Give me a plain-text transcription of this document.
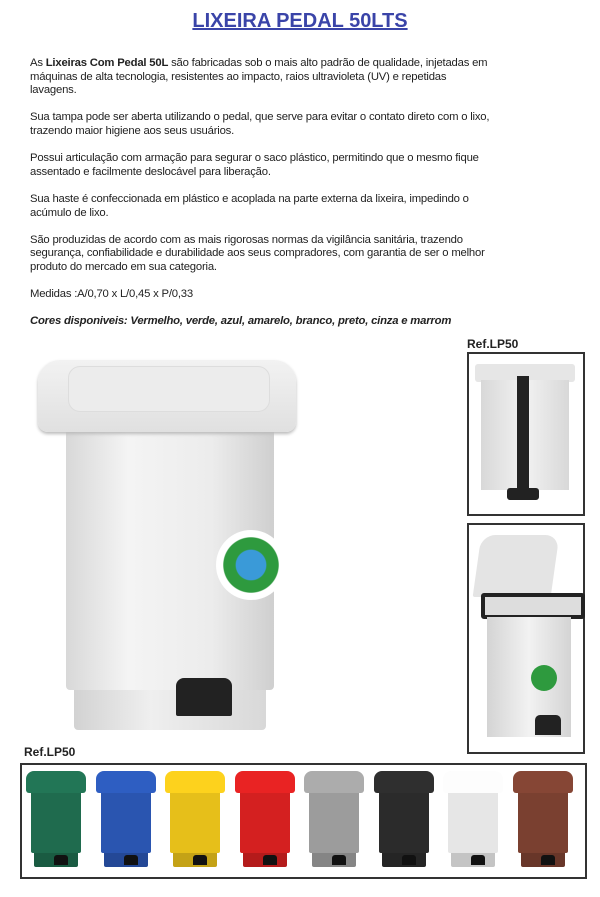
LIXEIRA PEDAL 50LTS

As Lixeiras Com Pedal 50L são fabricadas sob o mais alto padrão de qualidade, injetadas em máquinas de alta tecnologia, resistentes ao impacto, raios ultravioleta (UV) e repetidas lavagens.

Sua tampa pode ser aberta utilizando o pedal, que serve para evitar o contato direto com o lixo, trazendo maior higiene aos seus usuários.

Possui articulação com armação para segurar o saco plástico, permitindo que o mesmo fique assentado e facilmente deslocável para liberação.

Sua haste é confeccionada em plástico e acoplada na parte externa da lixeira, impedindo o acúmulo de lixo.

São produzidas de acordo com as mais rigorosas normas da vigilância sanitária, trazendo segurança, confiabilidade e durabilidade aos seus compradores, com garantia de ser o melhor produto do mercado em sua categoria.

Medidas :A/0,70 x L/0,45 x P/0,33

Cores disponiveis: Vermelho, verde, azul, amarelo, branco, preto, cinza e marrom

Ref.LP50
Ref.LP50
